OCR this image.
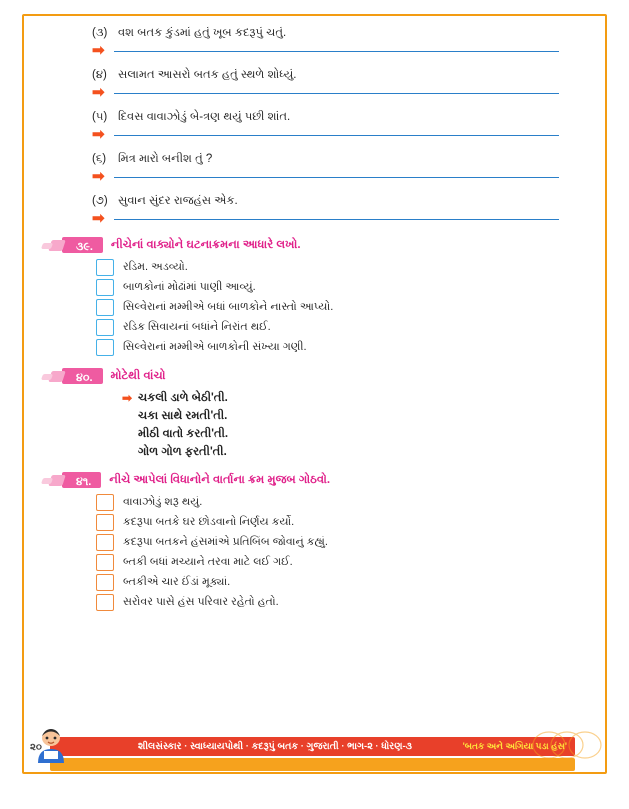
(૩) વશ બતક કુંડમાં હતું ખૂબ કદરૂપું ચતું.
➡
(૪) સલામત આસરો બતક હતું સ્થળે શોધ્યું.
➡
(૫) દિવસ વાવાઝોડું બે-ત્રણ થયું પછી શાંત.
➡
(૬)	મિત્ર મારો બનીશ તું ?
➡
(૭) સુવાન સુંદર રાજહંસ એક.
➡
૩૯.	નીચેનાં વાક્યોને ઘટનાક્રમના આધારે લખો.
રડિમ. અડવ્યો.
બાળકોનાં મોઢાંમાં પાણી આવ્યું.
સિલ્વેરાનાં મમ્મીએ બધાં બાળકોને નાસ્તો આપ્યો.
રડિક સિવાયનાં બધાંને નિરાંત થઈ.
સિલ્વેરાનાં મમ્મીએ બાળકોની સંખ્યા ગણી.
૪૦.	મોટેથી વાંચો
➡ ચકલી ડાળે બેઠી'તી.
ચકા સાથે રમતી'તી.
મીઠી વાતો કરતી'તી.
ગોળ ગોળ ફરતી'તી.
૪૧.	નીચે આપેલાં વિધાનોને વાર્તાના ક્રમ મુજબ ગોઠવો.
વાવાઝોડું શરૂ થયું.
કદરૂપા બતકે ઘર છોડવાનો નિર્ણય કર્યો.
કદરૂપા બતકને હંસમાંએ પ્રતિબિંબ જોવાનું કહ્યું.
બ્તકી બધાં મચ્યાને તરવા માટે લઈ ગઈ.
બ્તકીએ ચાર ઈંડાં મૂક્યાં.
સરોવર પાસે હંસ પરિવાર રહેતો હતો.
શીલસંસ્કાર · સ્વાધ્યાયપોથી · કદરૂપું બતક · ગુજરાતી · ભાગ-૨ · ધોરણ-૩	'બતક અને અગિયા પડા હંસ'
૨૦
